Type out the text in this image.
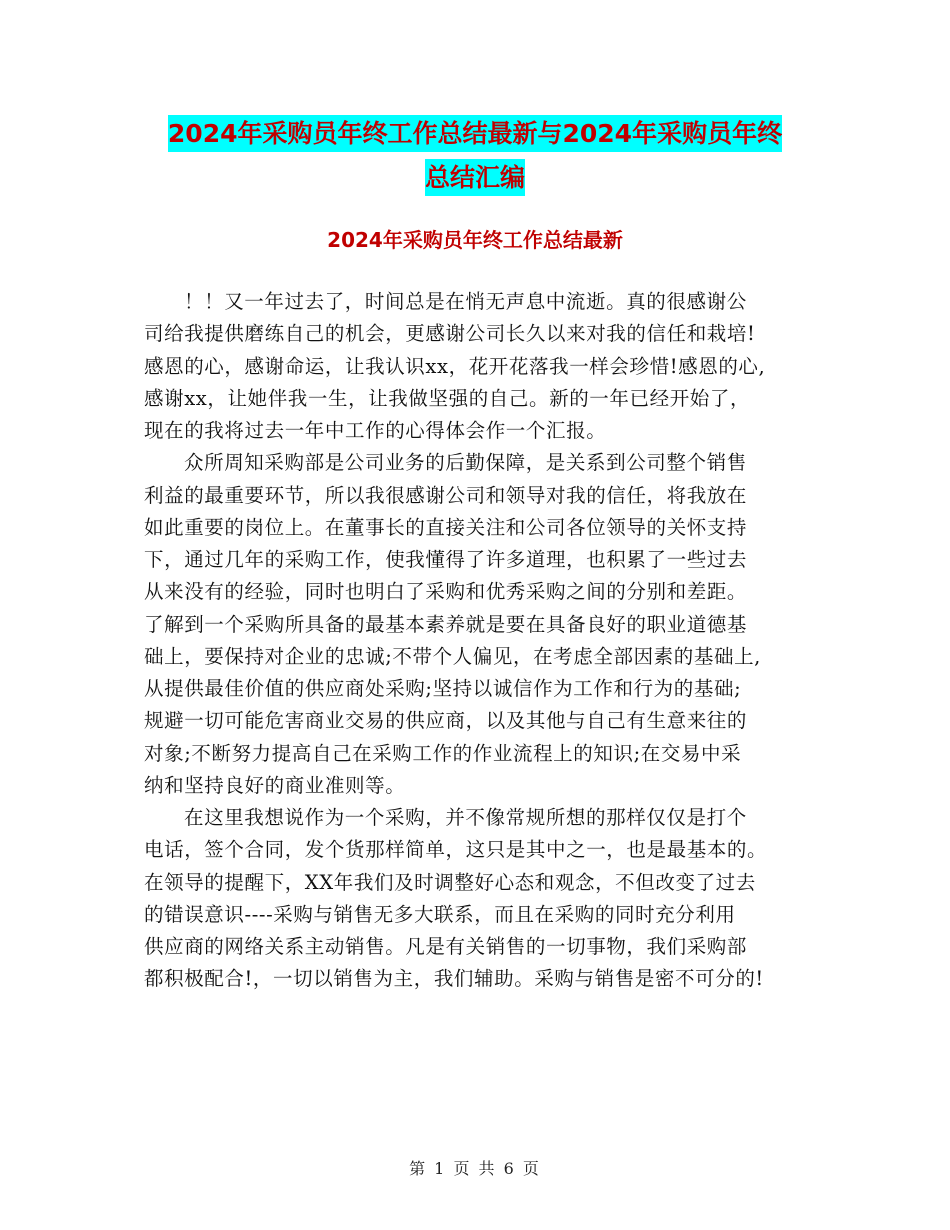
2024年采购员年终工作总结最新与2024年采购员年终
总结汇编
2024年采购员年终工作总结最新
！！又一年过去了，时间总是在悄无声息中流逝。真的很感谢公
司给我提供磨练自己的机会，更感谢公司长久以来对我的信任和栽培!
感恩的心，感谢命运，让我认识xx，花开花落我一样会珍惜!感恩的心,
感谢xx，让她伴我一生，让我做坚强的自己。新的一年已经开始了，
现在的我将过去一年中工作的心得体会作一个汇报。
众所周知采购部是公司业务的后勤保障，是关系到公司整个销售
利益的最重要环节，所以我很感谢公司和领导对我的信任，将我放在
如此重要的岗位上。在董事长的直接关注和公司各位领导的关怀支持
下，通过几年的采购工作，使我懂得了许多道理，也积累了一些过去
从来没有的经验，同时也明白了采购和优秀采购之间的分别和差距。
了解到一个采购所具备的最基本素养就是要在具备良好的职业道德基
础上，要保持对企业的忠诚;不带个人偏见，在考虑全部因素的基础上,
从提供最佳价值的供应商处采购;坚持以诚信作为工作和行为的基础;
规避一切可能危害商业交易的供应商，以及其他与自己有生意来往的
对象;不断努力提高自己在采购工作的作业流程上的知识;在交易中采
纳和坚持良好的商业准则等。
在这里我想说作为一个采购，并不像常规所想的那样仅仅是打个
电话，签个合同，发个货那样简单，这只是其中之一，也是最基本的。
在领导的提醒下，XX年我们及时调整好心态和观念，不但改变了过去
的错误意识----采购与销售无多大联系，而且在采购的同时充分利用
供应商的网络关系主动销售。凡是有关销售的一切事物，我们采购部
都积极配合!，一切以销售为主，我们辅助。采购与销售是密不可分的!
第 1 页 共 6 页
